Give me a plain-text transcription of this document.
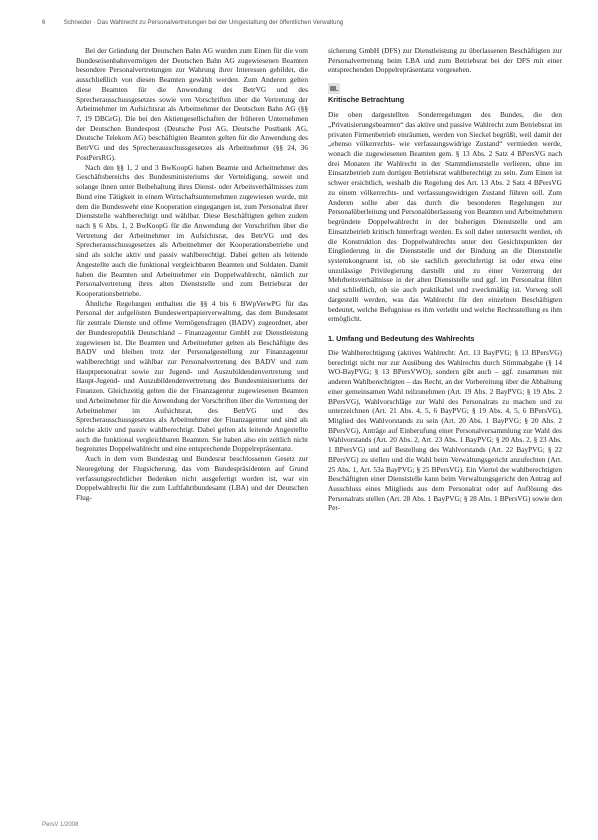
6	Schneider · Das Wahlrecht zu Personalvertretungen bei der Umgestaltung der öffentlichen Verwaltung

Bei der Gründung der Deutschen Bahn AG wurden zum Einen für die vom Bundeseisenbahnvermögen der Deutschen Bahn AG zugewiesenen Beamten besondere Personalvertretungen zur Wahrung ihrer Interessen gebildet, die ausschließlich von diesen Beamten gewählt werden. Zum Anderen gelten diese Beamten für die Anwendung des BetrVG und des Sprecherausschussgesetzes sowie von Vorschriften über die Vertretung der Arbeitnehmer im Aufsichtsrat als Arbeitnehmer der Deutschen Bahn AG (§§ 7, 19 DBGrG). Die bei den Aktiengesellschaften der früheren Unternehmen der Deutschen Bundespost (Deutsche Post AG, Deutsche Postbank AG, Deutsche Telekom AG) beschäftigten Beamten gelten für die Anwendung des BetrVG und des Sprecherausschussgesetzes als Arbeitnehmer (§§ 24, 36 PostPersRG).

Nach den §§ 1, 2 und 3 BwKoopG haben Beamte und Arbeitnehmer des Geschäftsbereichs des Bundesministeriums der Verteidigung, soweit und solange ihnen unter Beibehaltung ihres Dienst- oder Arbeitsverhältnisses zum Bund eine Tätigkeit in einem Wirtschaftsunternehmen zugewiesen wurde, mit dem die Bundeswehr eine Kooperation eingegangen ist, zum Personalrat ihrer Dienststelle wahlberechtigt und wählbar. Diese Beschäftigten gelten zudem nach § 6 Abs. 1, 2 BwKoopG für die Anwendung der Vorschriften über die Vertretung der Arbeitnehmer im Aufsichtsrat, des BetrVG und des Sprecherausschussgesetzes als Arbeitnehmer der Kooperationsbetriebe und sind als solche aktiv und passiv wahlberechtigt. Dabei gelten als leitende Angestellte auch die funktional vergleichbaren Beamten und Soldaten. Damit haben die Beamten und Arbeitnehmer ein Doppelwahlrecht, nämlich zur Personalvertretung ihres alten Dienststelle und zum Betriebsrat der Kooperationsbetriebe.

Ähnliche Regelungen enthalten die §§ 4 bis 6 BWpVerwPG für das Personal der aufgelösten Bundeswertpapierverwaltung, das dem Bundesamt für zentrale Dienste und offene Vermögensfragen (BADV) zugeordnet, aber der Bundesrepublik Deutschland – Finanzagentur GmbH zur Dienstleistung zugewiesen ist. Die Beamten und Arbeitnehmer gelten als Beschäftigte des BADV und bleiben trotz der Personalgestellung zur Finanzagentur wahlberechtigt und wählbar zur Personalvertretung des BADV und zum Hauptpersonalrat sowie zur Jugend- und Auszubildendenvertretung und Haupt-Jugend- und Auszubildendenvertretung des Bundesministeriums der Finanzen. Gleichzeitig gelten die der Finanzagentur zugewiesenen Beamten und Arbeitnehmer für die Anwendung der Vorschriften über die Vertretung der Arbeitnehmer im Aufsichtsrat, des BetrVG und des Sprecherausschussgesetzes als Arbeitnehmer der Finanzagentur und sind als solche aktiv und passiv wahlberechtigt. Dabei gelten als leitende Angestellte auch die funktional vergleichbaren Beamten. Sie haben also ein zeitlich nicht begrenztes Doppelwahlrecht und eine entsprechende Doppelrepräsentanz.

Auch in dem vom Bundestag und Bundesrat beschlossenen Gesetz zur Neuregelung der Flugsicherung, das vom Bundespräsidenten auf Grund verfassungsrechtlicher Bedenken nicht ausgefertigt worden ist, war ein Doppelwahlrecht für die zum Luftfahrtbundesamt (LBA) und der Deutschen Flug-

sicherung GmbH (DFS) zur Dienstleistung zu überlassenen Beschäftigten zur Personalvertretung beim LBA und zum Betriebsrat bei der DFS mit einer entsprechenden Doppelrepräsentanz vorgesehen.

III.
Kritische Betrachtung

Die oben dargestellten Sonderregelungen des Bundes, die den „Privatisierungsbeamten“ das aktive und passive Wahlrecht zum Betriebsrat im privaten Firmenbetrieb einräumen, werden von Sieckel begrüßt, weil damit der „ebenso völkerrechts- wie verfassungswidrige Zustand“ vermieden werde, wonach die zugewiesenen Beamten gem. § 13 Abs. 2 Satz 4 BPersVG nach drei Monaten ihr Wahlrecht in der Stammdienststelle verlieren, ohne im Einsatzbetrieb zum dortigen Betriebsrat wahlberechtigt zu sein. Zum Einen ist schwer ersichtlich, weshalb die Regelung des Art. 13 Abs. 2 Satz 4 BPersVG zu einem völkerrechts- und verfassungswidrigen Zustand führen soll. Zum Anderen sollte aber das durch die besonderen Regelungen zur Personalüberleitung und Personalüberlassung von Beamten und Arbeitnehmern begründete Doppelwahlrecht in der bisherigen Dienststelle und am Einsatzbetrieb kritisch hinterfragt werden. Es soll daher untersucht werden, ob die Konstruktion des Doppelwahlrechts unter den Gesichtspunkten der Eingliederung in die Dienststelle und der Bindung an die Dienststelle systemkongruent ist, ob sie sachlich gerechtfertigt ist oder etwa eine unzulässige Privilegierung darstellt und zu einer Verzerrung der Mehrheitsverhältnisse in der alten Dienststelle und ggf. im Personalrat führt und schließlich, ob sie auch praktikabel und zweckmäßig ist. Vorweg soll dargestellt werden, was das Wahlrecht für den einzelnen Beschäftigten bedeutet, welche Befugnisse es ihm verleiht und welche Rechtsstellung es ihm ermöglicht.

1. Umfang und Bedeutung des Wahlrechts

Die Wahlberechtigung (aktives Wahlrecht: Art. 13 BayPVG; § 13 BPersVG) berechtigt nicht nur zur Ausübung des Wahlrechts durch Stimmabgabe (§ 14 WO-BayPVG; § 13 BPersVWO), sondern gibt auch – ggf. zusammen mit anderen Wahlberechtigten – das Recht, an der Vorbereitung über die Abhaltung einer gemeinsamen Wahl teilzunehmen (Art. 19 Abs. 2 BayPVG; § 19 Abs. 2 BPersVG), Wahlvorschläge zur Wahl des Personalrats zu machen und zu unterzeichnen (Art. 21 Abs. 4, 5, 6 BayPVG; § 19 Abs. 4, 5, 6 BPersVG), Mitglied des Wahlvorstands zu sein (Art. 20 Abs. 1 BayPVG; § 20 Abs. 2 BPersVG), Anträge auf Einberufung einer Personalversammlung zur Wahl des Wahlvorstands (Art. 20 Abs. 2, Art. 23 Abs. 1 BayPVG; § 20 Abs. 2, § 23 Abs. 1 BPersVG) und auf Bestellung des Wahlvorstands (Art. 22 BayPVG; § 22 BPersVG) zu stellen und die Wahl beim Verwaltungsgericht anzufechten (Art. 25 Abs. 1, Art. 53a BayPVG; § 25 BPersVG). Ein Viertel der wahlberechtigten Beschäftigten einer Dienststelle kann beim Verwaltungsgericht den Antrag auf Ausschluss eines Mitglieds aus dem Personalrat oder auf Auflösung des Personalrats stellen (Art. 28 Abs. 1 BayPVG; § 28 Abs. 1 BPersVG) sowie den Per-

PersV 1/2008
